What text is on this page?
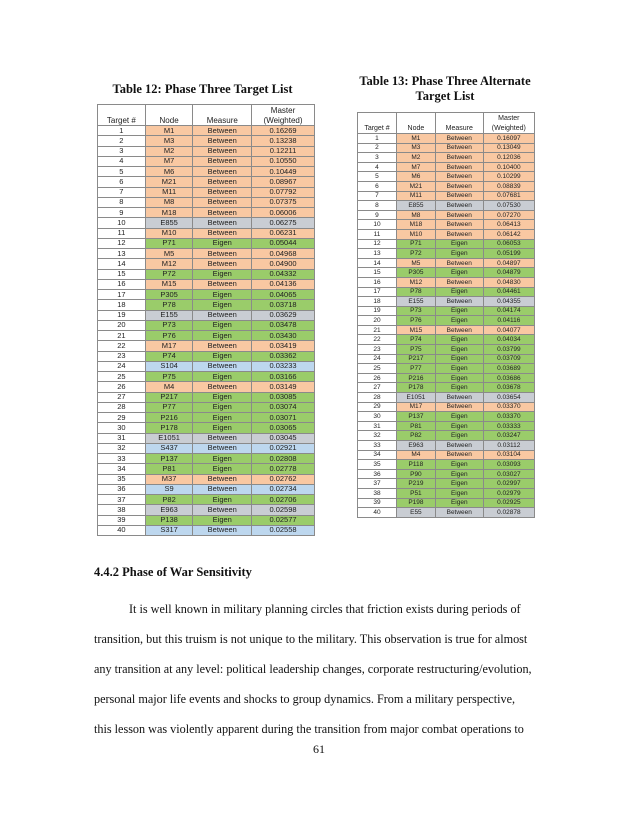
Table 12: Phase Three Target List
Table 13: Phase Three Alternate
Target List
			Master
Target #	Node	Measure	(Weighted)
1	M1	Between	0.16269
2	M3	Between	0.13238
3	M2	Between	0.12211
4	M7	Between	0.10550
5	M6	Between	0.10449
6	M21	Between	0.08967
7	M11	Between	0.07792
8	M8	Between	0.07375
9	M18	Between	0.06006
10	E855	Between	0.06275
11	M10	Between	0.06231
12	P71	Eigen	0.05044
13	M5	Between	0.04968
14	M12	Between	0.04900
15	P72	Eigen	0.04332
16	M15	Between	0.04136
17	P305	Eigen	0.04065
18	P78	Eigen	0.03718
19	E155	Between	0.03629
20	P73	Eigen	0.03478
21	P76	Eigen	0.03430
22	M17	Between	0.03419
23	P74	Eigen	0.03362
24	S104	Between	0.03233
25	P75	Eigen	0.03166
26	M4	Between	0.03149
27	P217	Eigen	0.03085
28	P77	Eigen	0.03074
29	P216	Eigen	0.03071
30	P178	Eigen	0.03065
31	E1051	Between	0.03045
32	S437	Between	0.02921
33	P137	Eigen	0.02808
34	P81	Eigen	0.02778
35	M37	Between	0.02762
36	S9	Between	0.02734
37	P82	Eigen	0.02706
38	E963	Between	0.02598
39	P138	Eigen	0.02577
40	S317	Between	0.02558
			Master
Target #	Node	Measure	(Weighted)
1	M1	Between	0.16097
2	M3	Between	0.13049
3	M2	Between	0.12036
4	M7	Between	0.10400
5	M6	Between	0.10299
6	M21	Between	0.08839
7	M11	Between	0.07681
8	E855	Between	0.07530
9	M8	Between	0.07270
10	M18	Between	0.06413
11	M10	Between	0.06142
12	P71	Eigen	0.06053
13	P72	Eigen	0.05199
14	M5	Between	0.04897
15	P305	Eigen	0.04879
16	M12	Between	0.04830
17	P78	Eigen	0.04461
18	E155	Between	0.04355
19	P73	Eigen	0.04174
20	P76	Eigen	0.04116
21	M15	Between	0.04077
22	P74	Eigen	0.04034
23	P75	Eigen	0.03799
24	P217	Eigen	0.03709
25	P77	Eigen	0.03689
26	P216	Eigen	0.03686
27	P178	Eigen	0.03678
28	E1051	Between	0.03654
29	M17	Between	0.03370
30	P137	Eigen	0.03370
31	P81	Eigen	0.03333
32	P82	Eigen	0.03247
33	E963	Between	0.03112
34	M4	Between	0.03104
35	P118	Eigen	0.03093
36	P90	Eigen	0.03027
37	P219	Eigen	0.02997
38	P51	Eigen	0.02979
39	P198	Eigen	0.02925
40	E55	Between	0.02878
4.4.2 Phase of War Sensitivity
It is well known in military planning circles that friction exists during periods of
transition, but this truism is not unique to the military. This observation is true for almost
any transition at any level: political leadership changes, corporate restructuring/evolution,
personal major life events and shocks to group dynamics. From a military perspective,
this lesson was violently apparent during the transition from major combat operations to
61
